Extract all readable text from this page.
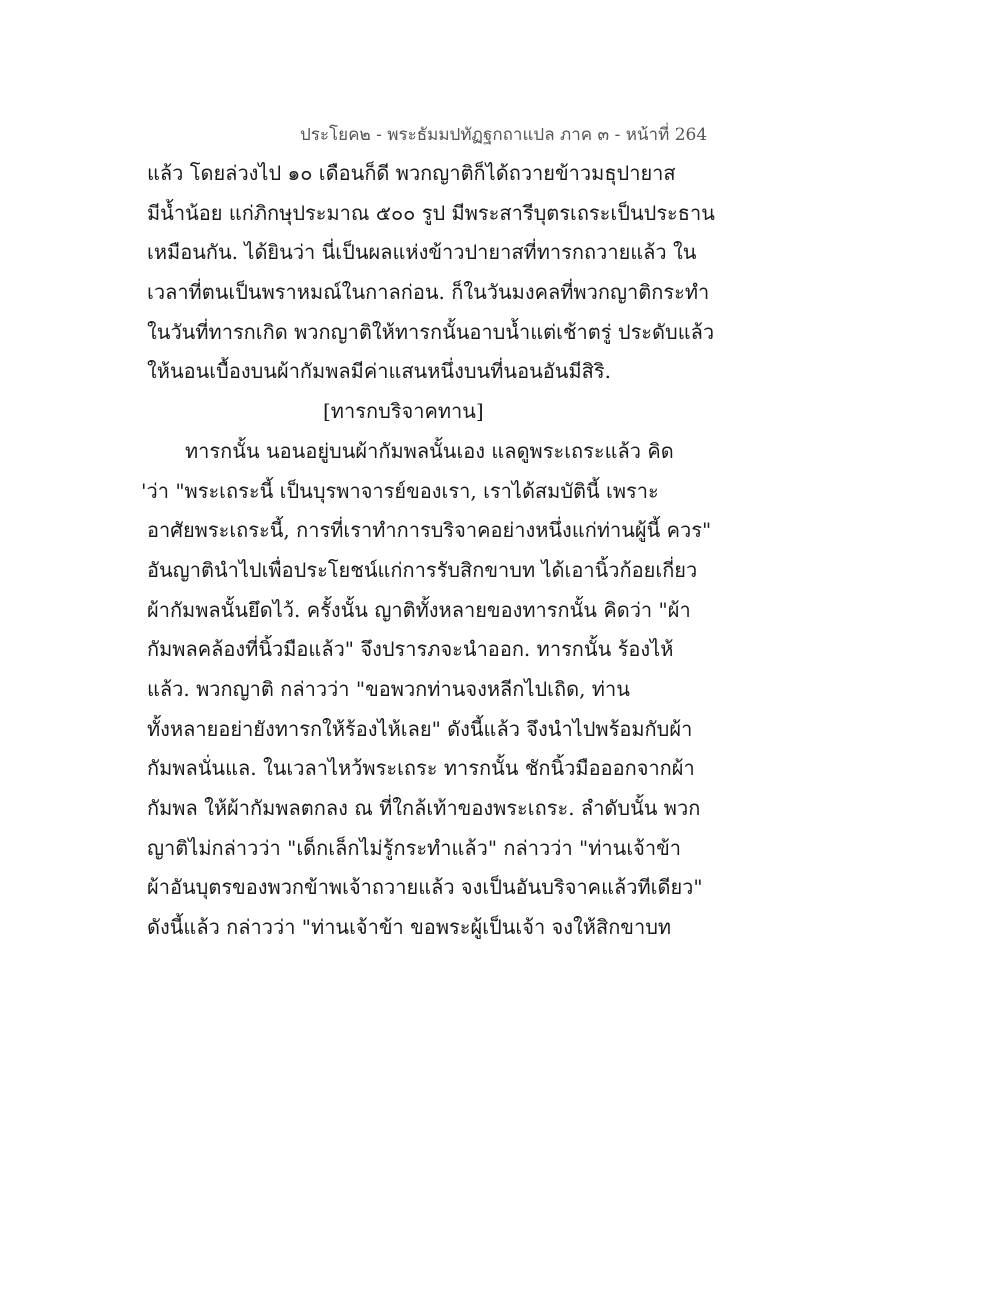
ประโยค๒ - พระธัมมปทัฏฐกถาแปล ภาค ๓ - หน้าที่ 264
แล้ว โดยล่วงไป ๑๐ เดือนก็ดี พวกญาติก็ได้ถวายข้าวมธุปายาส
มีน้ำน้อย แก่ภิกษุประมาณ ๕๐๐ รูป มีพระสารีบุตรเถระเป็นประธาน
เหมือนกัน. ได้ยินว่า นี่เป็นผลแห่งข้าวปายาสที่ทารกถวายแล้ว ใน
เวลาที่ตนเป็นพราหมณ์ในกาลก่อน. ก็ในวันมงคลที่พวกญาติกระทำ
ในวันที่ทารกเกิด พวกญาติให้ทารกนั้นอาบน้ำแต่เช้าตรู่ ประดับแล้ว
ให้นอนเบื้องบนผ้ากัมพลมีค่าแสนหนึ่งบนที่นอนอันมีสิริ.
[ทารกบริจาคทาน]
ทารกนั้น นอนอยู่บนผ้ากัมพลนั้นเอง แลดูพระเถระแล้ว คิด
'ว่า "พระเถระนี้ เป็นบุรพาจารย์ของเรา, เราได้สมบัตินี้ เพราะ
อาศัยพระเถระนี้, การที่เราทำการบริจาคอย่างหนึ่งแก่ท่านผู้นี้ ควร"
อันญาตินำไปเพื่อประโยชน์แก่การรับสิกขาบท ได้เอานิ้วก้อยเกี่ยว
ผ้ากัมพลนั้นยึดไว้. ครั้งนั้น ญาติทั้งหลายของทารกนั้น คิดว่า "ผ้า
กัมพลคล้องที่นิ้วมือแล้ว" จึงปรารภจะนำออก. ทารกนั้น ร้องไห้
แล้ว. พวกญาติ กล่าวว่า "ขอพวกท่านจงหลีกไปเถิด, ท่าน
ทั้งหลายอย่ายังทารกให้ร้องไห้เลย" ดังนี้แล้ว จึงนำไปพร้อมกับผ้า
กัมพลนั่นแล. ในเวลาไหว้พระเถระ ทารกนั้น ชักนิ้วมือออกจากผ้า
กัมพล ให้ผ้ากัมพลตกลง ณ ที่ใกล้เท้าของพระเถระ. ลำดับนั้น พวก
ญาติไม่กล่าวว่า "เด็กเล็กไม่รู้กระทำแล้ว" กล่าวว่า "ท่านเจ้าข้า
ผ้าอันบุตรของพวกข้าพเจ้าถวายแล้ว จงเป็นอันบริจาคแล้วทีเดียว"
ดังนี้แล้ว กล่าวว่า "ท่านเจ้าข้า ขอพระผู้เป็นเจ้า จงให้สิกขาบท
